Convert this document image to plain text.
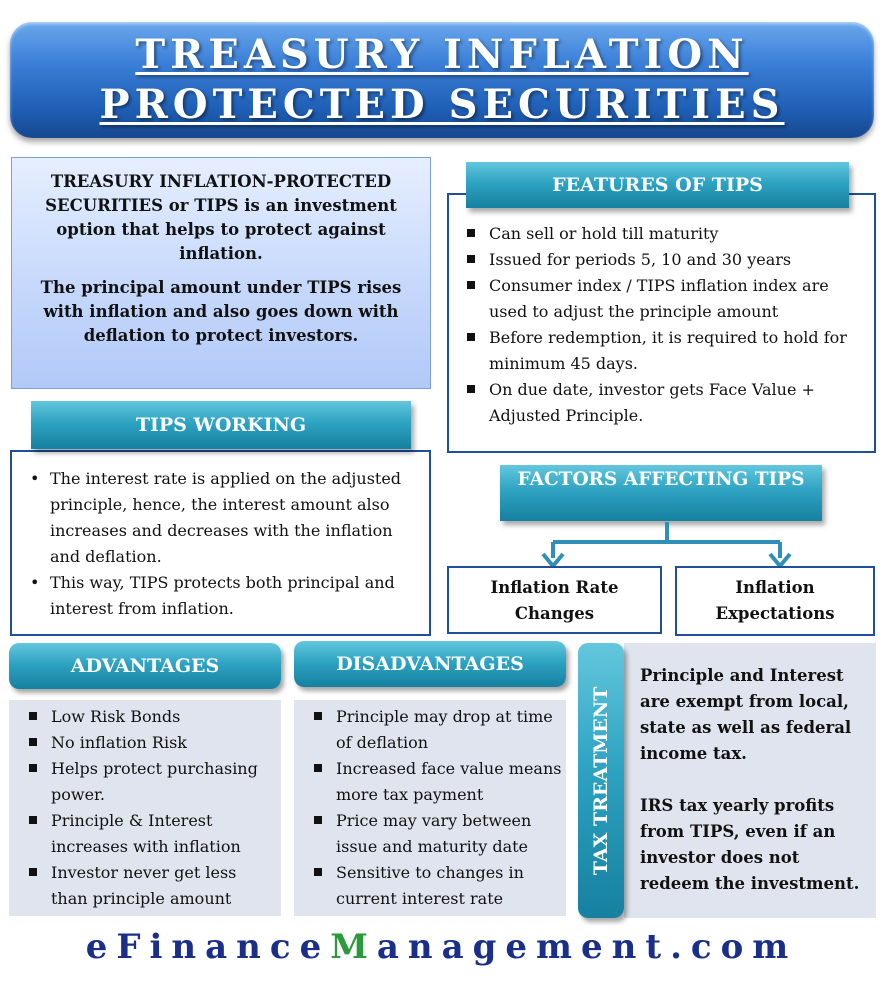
TREASURY INFLATION
PROTECTED SECURITIES

TREASURY INFLATION-PROTECTED SECURITIES or TIPS is an investment option that helps to protect against inflation.

The principal amount under TIPS rises with inflation and also goes down with deflation to protect investors.

Can sell or hold till maturity
Issued for periods 5, 10 and 30 years
Consumer index / TIPS inflation index are used to adjust the principle amount
Before redemption, it is required to hold for minimum 45 days.
On due date, investor gets Face Value + Adjusted Principle.
FEATURES OF TIPS
• The interest rate is applied on the adjusted principle, hence, the interest amount also increases and decreases with the inflation and deflation.
• This way, TIPS protects both principal and interest from inflation.
TIPS WORKING
FACTORS AFFECTING TIPS
Inflation Rate Changes
Inflation Expectations
ADVANTAGES
Low Risk Bonds
No inflation Risk
Helps protect purchasing power.
Principle & Interest increases with inflation
Investor never get less than principle amount
DISADVANTAGES
Principle may drop at time of deflation
Increased face value means more tax payment
Price may vary between issue and maturity date
Sensitive to changes in current interest rate

Principle and Interest are exempt from local, state as well as federal income tax.

IRS tax yearly profits from TIPS, even if an investor does not redeem the investment.

TAX TREATMENT
eFinanceManagement.com
